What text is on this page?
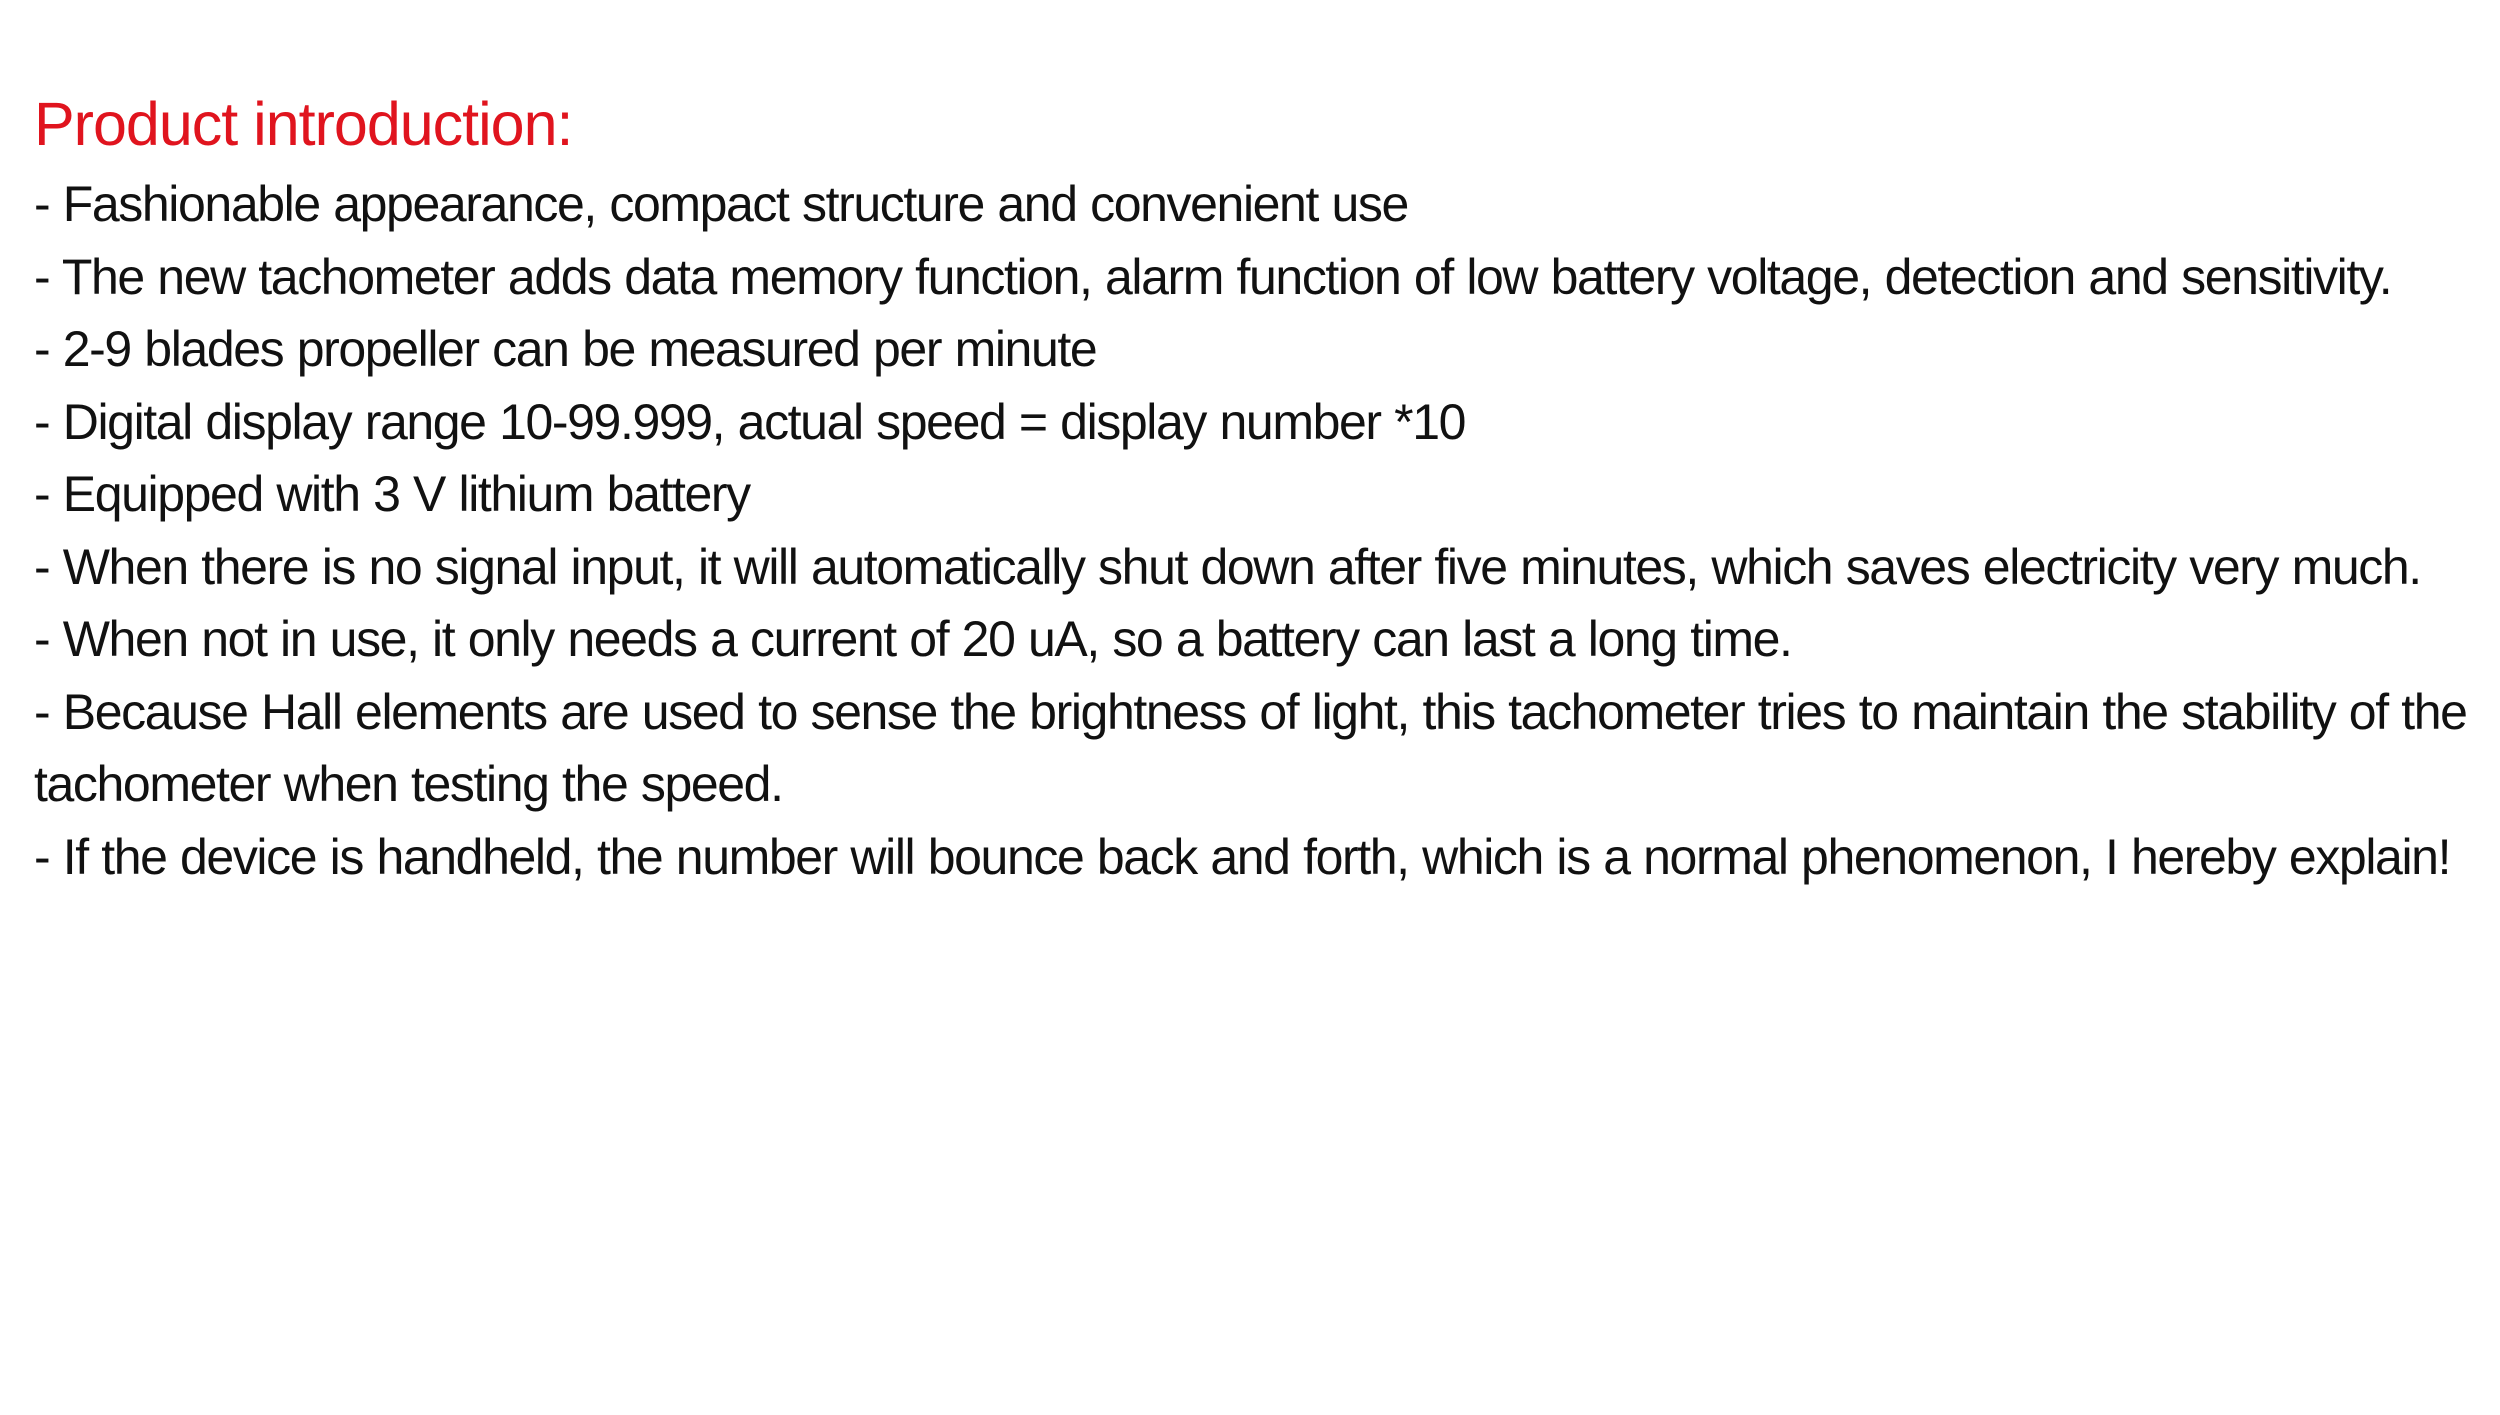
Product introduction:
- Fashionable appearance, compact structure and convenient use
- The new tachometer adds data memory function, alarm function of low battery voltage, detection and sensitivity.
- 2-9 blades propeller can be measured per minute
- Digital display range 10-99.999, actual speed = display number *10
- Equipped with 3 V lithium battery
- When there is no signal input, it will automatically shut down after five minutes, which saves electricity very much.
- When not in use, it only needs a current of 20 uA, so a battery can last a long time.
- Because Hall elements are used to sense the brightness of light, this tachometer tries to maintain the stability of the tachometer when testing the speed.
- If the device is handheld, the number will bounce back and forth, which is a normal phenomenon, I hereby explain!
